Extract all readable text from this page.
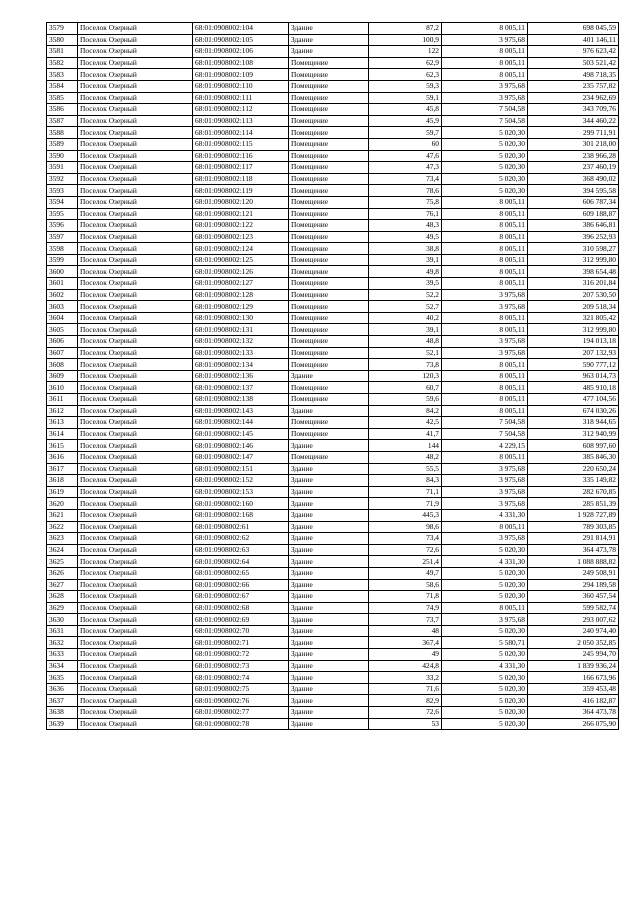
3579	Поселок Озерный	68:01:0908002:104	Здание	87,2	8 005,11	698 045,59
3580	Поселок Озерный	68:01:0908002:105	Здание	100,9	3 975,68	401 146,11
3581	Поселок Озерный	68:01:0908002:106	Здание	122	8 005,11	976 623,42
3582	Поселок Озерный	68:01:0908002:108	Помещение	62,9	8 005,11	503 521,42
3583	Поселок Озерный	68:01:0908002:109	Помещение	62,3	8 005,11	498 718,35
3584	Поселок Озерный	68:01:0908002:110	Помещение	59,3	3 975,68	235 757,82
3585	Поселок Озерный	68:01:0908002:111	Помещение	59,1	3 975,68	234 962,69
3586	Поселок Озерный	68:01:0908002:112	Помещение	45,8	7 504,58	343 709,76
3587	Поселок Озерный	68:01:0908002:113	Помещение	45,9	7 504,58	344 460,22
3588	Поселок Озерный	68:01:0908002:114	Помещение	59,7	5 020,30	299 711,91
3589	Поселок Озерный	68:01:0908002:115	Помещение	60	5 020,30	301 218,00
3590	Поселок Озерный	68:01:0908002:116	Помещение	47,6	5 020,30	238 966,28
3591	Поселок Озерный	68:01:0908002:117	Помещение	47,3	5 020,30	237 460,19
3592	Поселок Озерный	68:01:0908002:118	Помещение	73,4	5 020,30	368 490,02
3593	Поселок Озерный	68:01:0908002:119	Помещение	78,6	5 020,30	394 595,58
3594	Поселок Озерный	68:01:0908002:120	Помещение	75,8	8 005,11	606 787,34
3595	Поселок Озерный	68:01:0908002:121	Помещение	76,1	8 005,11	609 188,87
3596	Поселок Озерный	68:01:0908002:122	Помещение	48,3	8 005,11	386 646,81
3597	Поселок Озерный	68:01:0908002:123	Помещение	49,5	8 005,11	396 252,93
3598	Поселок Озерный	68:01:0908002:124	Помещение	38,8	8 005,11	310 598,27
3599	Поселок Озерный	68:01:0908002:125	Помещение	39,1	8 005,11	312 999,80
3600	Поселок Озерный	68:01:0908002:126	Помещение	49,8	8 005,11	398 654,48
3601	Поселок Озерный	68:01:0908002:127	Помещение	39,5	8 005,11	316 201,84
3602	Поселок Озерный	68:01:0908002:128	Помещение	52,2	3 975,68	207 530,50
3603	Поселок Озерный	68:01:0908002:129	Помещение	52,7	3 975,68	209 518,34
3604	Поселок Озерный	68:01:0908002:130	Помещение	40,2	8 005,11	321 805,42
3605	Поселок Озерный	68:01:0908002:131	Помещение	39,1	8 005,11	312 999,80
3606	Поселок Озерный	68:01:0908002:132	Помещение	48,8	3 975,68	194 013,18
3607	Поселок Озерный	68:01:0908002:133	Помещение	52,1	3 975,68	207 132,93
3608	Поселок Озерный	68:01:0908002:134	Помещение	73,8	8 005,11	590 777,12
3609	Поселок Озерный	68:01:0908002:136	Здание	120,3	8 005,11	963 014,73
3610	Поселок Озерный	68:01:0908002:137	Помещение	60,7	8 005,11	485 910,18
3611	Поселок Озерный	68:01:0908002:138	Помещение	59,6	8 005,11	477 104,56
3612	Поселок Озерный	68:01:0908002:143	Здание	84,2	8 005,11	674 030,26
3613	Поселок Озерный	68:01:0908002:144	Помещение	42,5	7 504,58	318 944,65
3614	Поселок Озерный	68:01:0908002:145	Помещение	41,7	7 504,58	312 940,99
3615	Поселок Озерный	68:01:0908002:146	Здание	144	4 229,15	608 997,60
3616	Поселок Озерный	68:01:0908002:147	Помещение	48,2	8 005,11	385 846,30
3617	Поселок Озерный	68:01:0908002:151	Здание	55,5	3 975,68	220 650,24
3618	Поселок Озерный	68:01:0908002:152	Здание	84,3	3 975,68	335 149,82
3619	Поселок Озерный	68:01:0908002:153	Здание	71,1	3 975,68	282 670,85
3620	Поселок Озерный	68:01:0908002:160	Здание	71,9	3 975,68	285 851,39
3621	Поселок Озерный	68:01:0908002:168	Здание	445,3	4 331,30	1 928 727,89
3622	Поселок Озерный	68:01:0908002:61	Здание	98,6	8 005,11	789 303,85
3623	Поселок Озерный	68:01:0908002:62	Здание	73,4	3 975,68	291 814,91
3624	Поселок Озерный	68:01:0908002:63	Здание	72,6	5 020,30	364 473,78
3625	Поселок Озерный	68:01:0908002:64	Здание	251,4	4 331,30	1 088 888,82
3626	Поселок Озерный	68:01:0908002:65	Здание	49,7	5 020,30	249 508,91
3627	Поселок Озерный	68:01:0908002:66	Здание	58,6	5 020,30	294 189,58
3628	Поселок Озерный	68:01:0908002:67	Здание	71,8	5 020,30	360 457,54
3629	Поселок Озерный	68:01:0908002:68	Здание	74,9	8 005,11	599 582,74
3630	Поселок Озерный	68:01:0908002:69	Здание	73,7	3 975,68	293 007,62
3631	Поселок Озерный	68:01:0908002:70	Здание	48	5 020,30	240 974,40
3632	Поселок Озерный	68:01:0908002:71	Здание	367,4	5 580,71	2 050 352,85
3633	Поселок Озерный	68:01:0908002:72	Здание	49	5 020,30	245 994,70
3634	Поселок Озерный	68:01:0908002:73	Здание	424,8	4 331,30	1 839 936,24
3635	Поселок Озерный	68:01:0908002:74	Здание	33,2	5 020,30	166 673,96
3636	Поселок Озерный	68:01:0908002:75	Здание	71,6	5 020,30	359 453,48
3637	Поселок Озерный	68:01:0908002:76	Здание	82,9	5 020,30	416 182,87
3638	Поселок Озерный	68:01:0908002:77	Здание	72,6	5 020,30	364 473,78
3639	Поселок Озерный	68:01:0908002:78	Здание	53	5 020,30	266 075,90
